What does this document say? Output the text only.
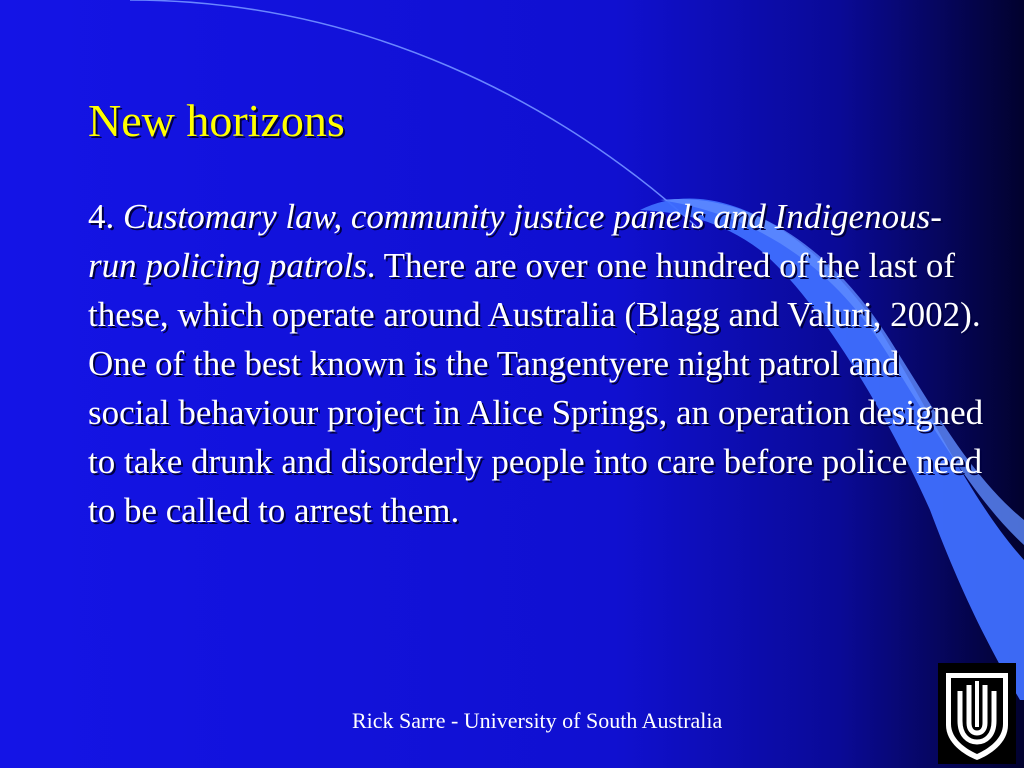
New horizons

4. Customary law, community justice panels and Indigenous-run policing patrols. There are over one hundred of the last of these, which operate around Australia (Blagg and Valuri, 2002). One of the best known is the Tangentyere night patrol and social behaviour project in Alice Springs, an operation designed to take drunk and disorderly people into care before police need to be called to arrest them.

Rick Sarre - University of South Australia
